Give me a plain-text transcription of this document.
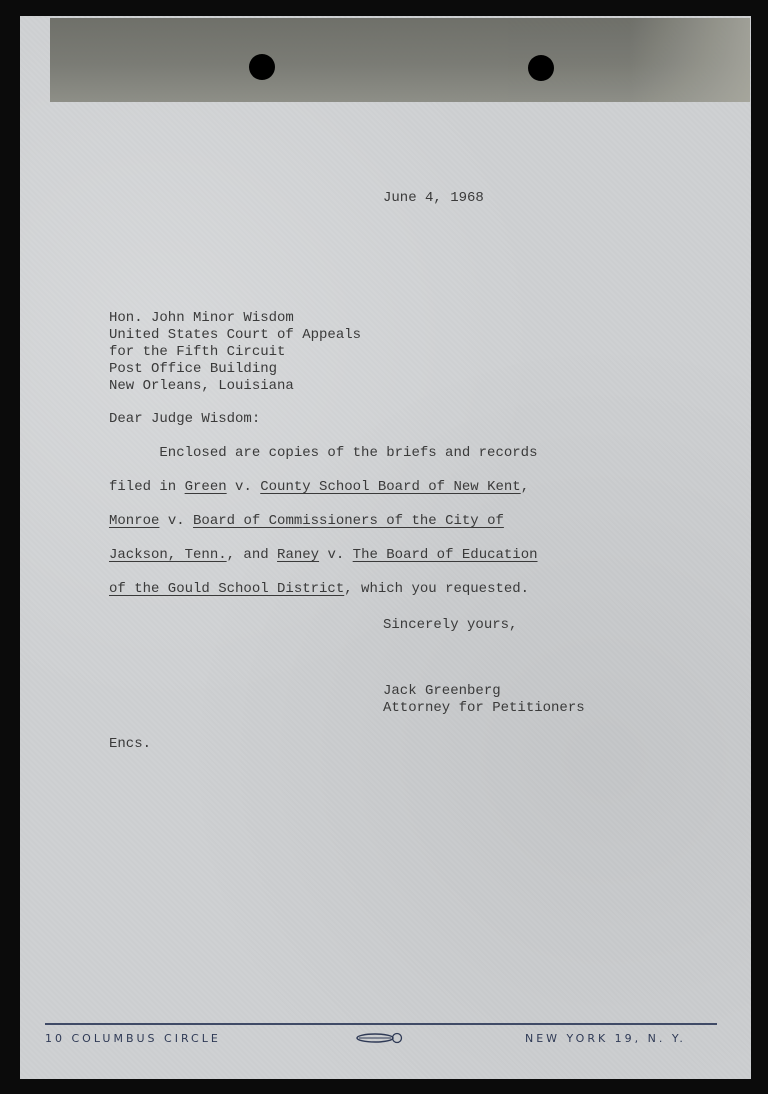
June 4, 1968

Hon. John Minor Wisdom

United States Court of Appeals

for the Fifth Circuit

Post Office Building

New Orleans, Louisiana

Dear Judge Wisdom:

Enclosed are copies of the briefs and records

filed in Green v. County School Board of New Kent,

Monroe v. Board of Commissioners of the City of

Jackson, Tenn., and Raney v. The Board of Education

of the Gould School District, which you requested.

Sincerely yours,

Jack Greenberg

Attorney for Petitioners

Encs.

10 COLUMBUS CIRCLE	NEW YORK 19, N. Y.
